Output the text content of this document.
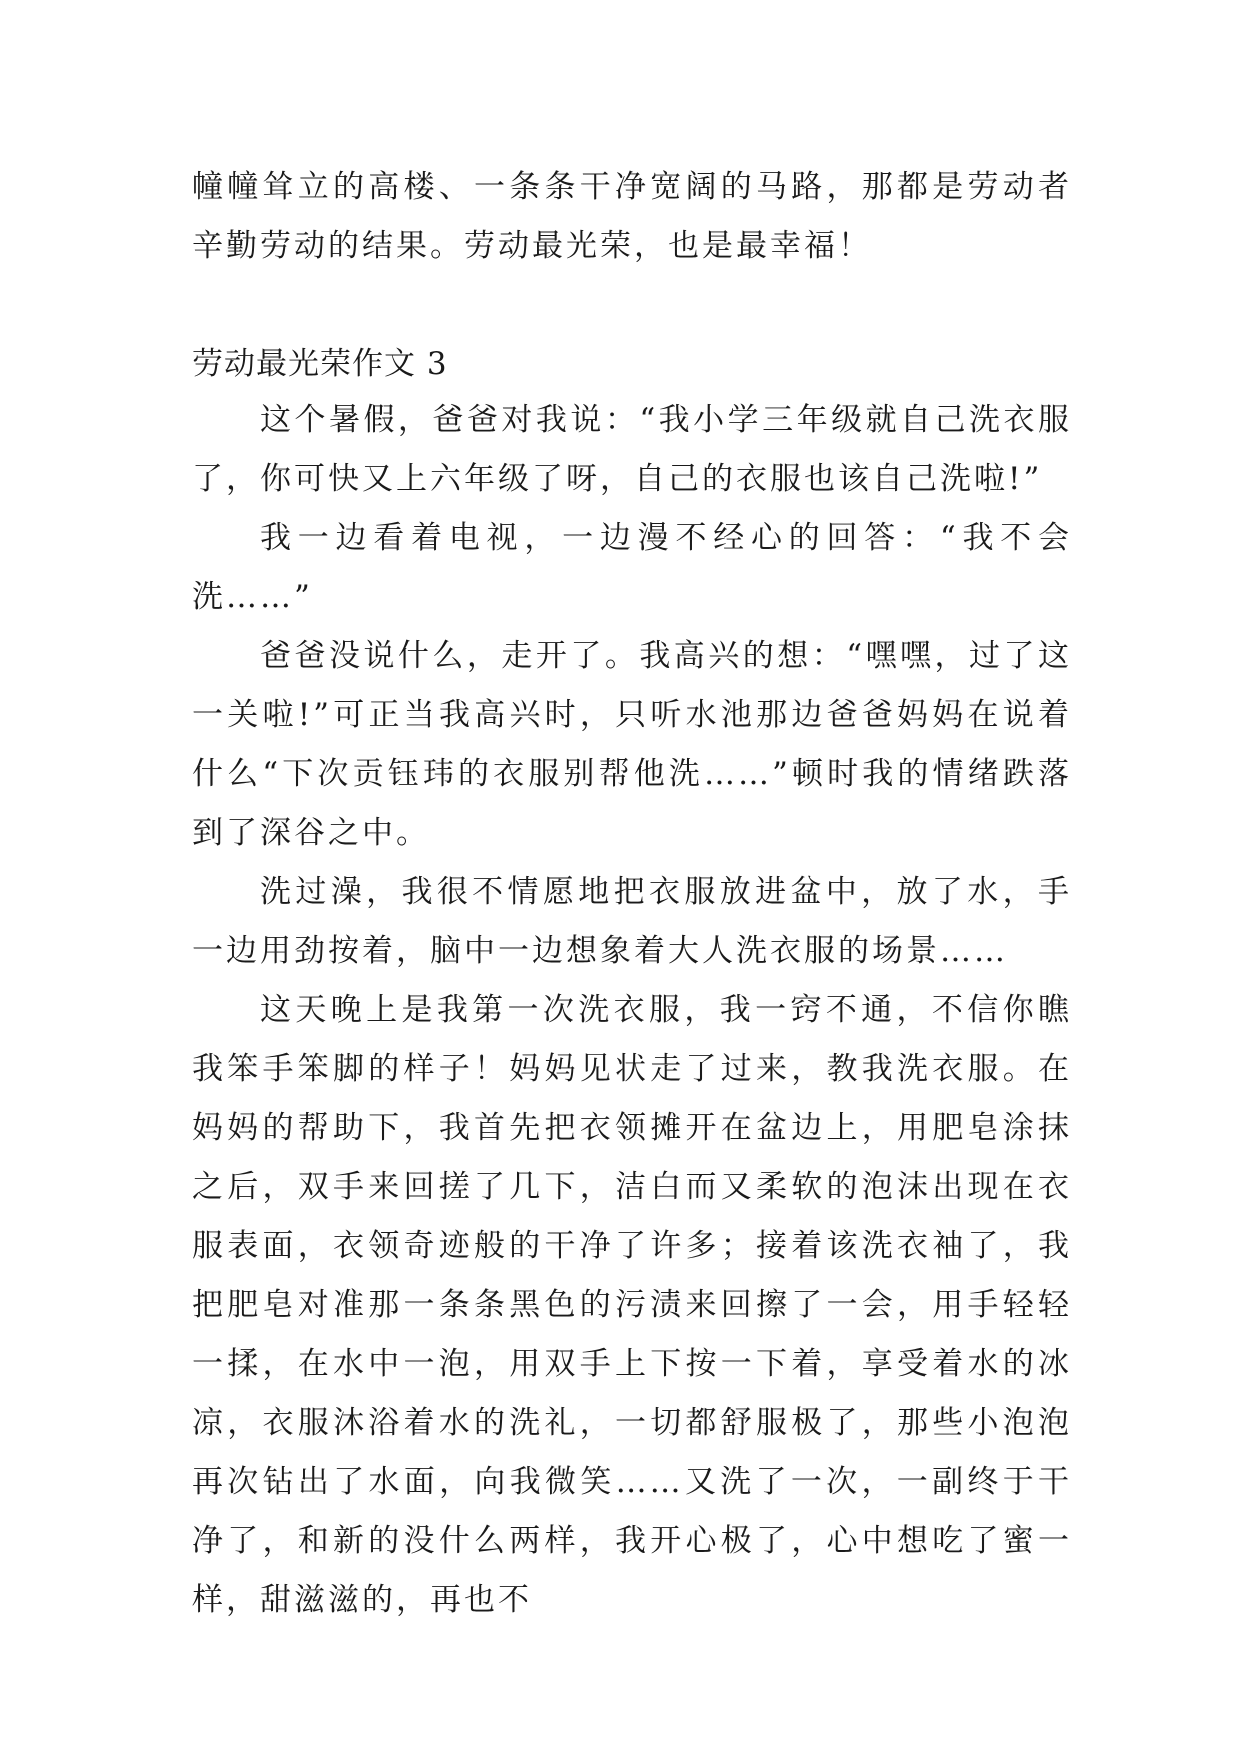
幢幢耸立的高楼、一条条干净宽阔的马路，那都是劳动者辛勤劳动的结果。劳动最光荣，也是最幸福！

劳动最光荣作文 3

这个暑假，爸爸对我说：“我小学三年级就自己洗衣服了，你可快又上六年级了呀，自己的衣服也该自己洗啦!”

我一边看着电视，一边漫不经心的回答：“我不会洗……”

爸爸没说什么，走开了。我高兴的想：“嘿嘿，过了这一关啦!”可正当我高兴时，只听水池那边爸爸妈妈在说着什么“下次贡钰玮的衣服别帮他洗……”顿时我的情绪跌落到了深谷之中。

洗过澡，我很不情愿地把衣服放进盆中，放了水，手一边用劲按着，脑中一边想象着大人洗衣服的场景……

这天晚上是我第一次洗衣服，我一窍不通，不信你瞧我笨手笨脚的样子！妈妈见状走了过来，教我洗衣服。在妈妈的帮助下，我首先把衣领摊开在盆边上，用肥皂涂抹之后，双手来回搓了几下，洁白而又柔软的泡沫出现在衣服表面，衣领奇迹般的干净了许多；接着该洗衣袖了，我把肥皂对准那一条条黑色的污渍来回擦了一会，用手轻轻一揉，在水中一泡，用双手上下按一下着，享受着水的冰凉，衣服沐浴着水的洗礼，一切都舒服极了，那些小泡泡再次钻出了水面，向我微笑……又洗了一次，一副终于干净了，和新的没什么两样，我开心极了，心中想吃了蜜一样，甜滋滋的，再也不
